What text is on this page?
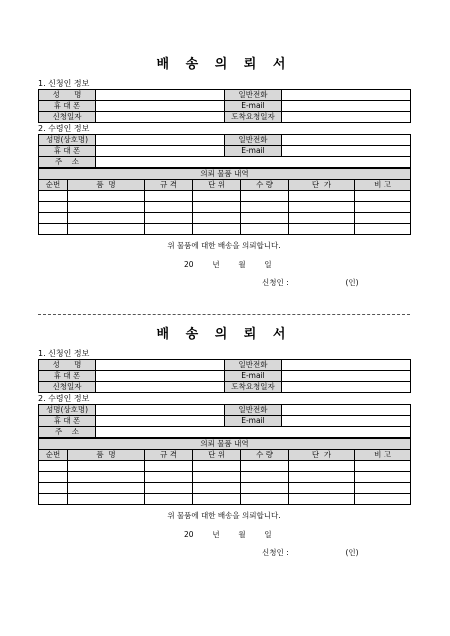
배 송 의 뢰 서
1. 신청인 정보
성      명		일반전화	
휴 대 폰		E-mail	
신청일자		도착요청일자	
2. 수령인 정보
성명(상호명)		일반전화	
휴 대 폰		E-mail	
주    소			
의뢰 물품 내역						
순번	품  명	규 격	단 위	수 량	단  가	비 고

위 물품에 대한 배송을 의뢰합니다.
20	년	월	일
신청인 :	(인)
배 송 의 뢰 서
1. 신청인 정보
성      명		일반전화	
휴 대 폰		E-mail	
신청일자		도착요청일자	
2. 수령인 정보
성명(상호명)		일반전화	
휴 대 폰		E-mail	
주    소			
의뢰 물품 내역						
순번	품  명	규 격	단 위	수 량	단  가	비 고

위 물품에 대한 배송을 의뢰합니다.
20	년	월	일
신청인 :	(인)
